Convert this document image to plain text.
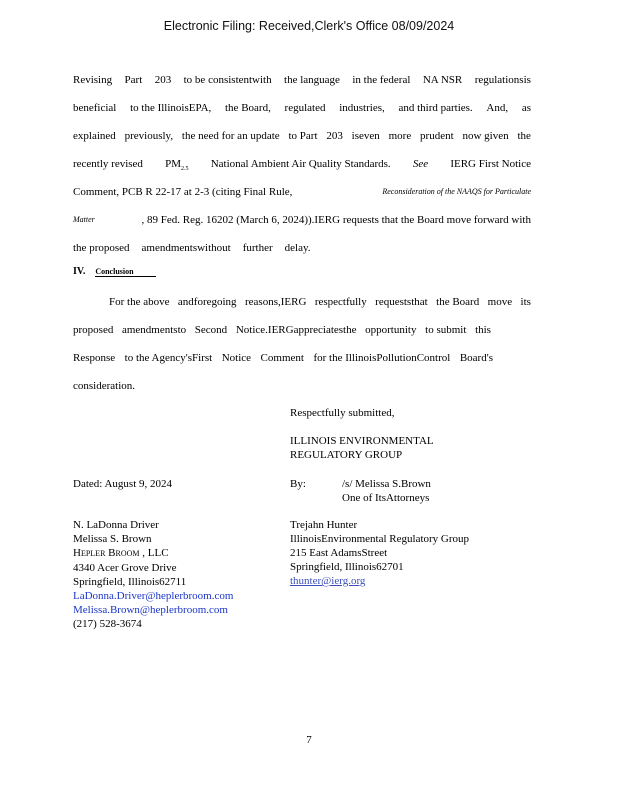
Electronic Filing: Received,Clerk's Office 08/09/2024
Revising Part 203 to be consistentwith the language in the federal NA NSR regulationsis
beneficial to the IllinoisEPA, the Board, regulated industries, and third parties. And, as
explained previously, the need for an update to Part 203 iseven more prudent now given the
recently revised $PM_{2.5}$ National Ambient Air Quality Standards. See IERG First Notice
Comment, PCB R 22-17 at 2-3 (citing Final Rule,	Reconsideration of the NAAQS for Particulate
Matter	, 89 Fed. Reg. 16202 (March 6, 2024)).IERG requests that the Board move forward with
the proposed amendmentswithout further delay.
IV. Conclusion
For the above andforegoing reasons,IERG respectfully requeststhat the Board move its
proposed amendmentsto Second Notice.IERGappreciatesthe opportunity to submit this
Response to the Agency'sFirst Notice Comment for the IllinoisPollutionControl Board's
consideration.
Respectfully submitted,
ILLINOIS ENVIRONMENTAL
REGULATORY GROUP
Dated: August 9, 2024	By:	/s/ Melissa S.Brown
One of ItsAttorneys
N. LaDonna Driver
Melissa S. Brown
HEPLER BROOM , LLC
4340 Acer Grove Drive
Springfield, Illinois62711
LaDonna.Driver@heplerbroom.com
Melissa.Brown@heplerbroom.com
(217) 528-3674
Trejahn Hunter
IllinoisEnvironmental Regulatory Group
215 East AdamsStreet
Springfield, Illinois62701
thunter@ierg.org
7
